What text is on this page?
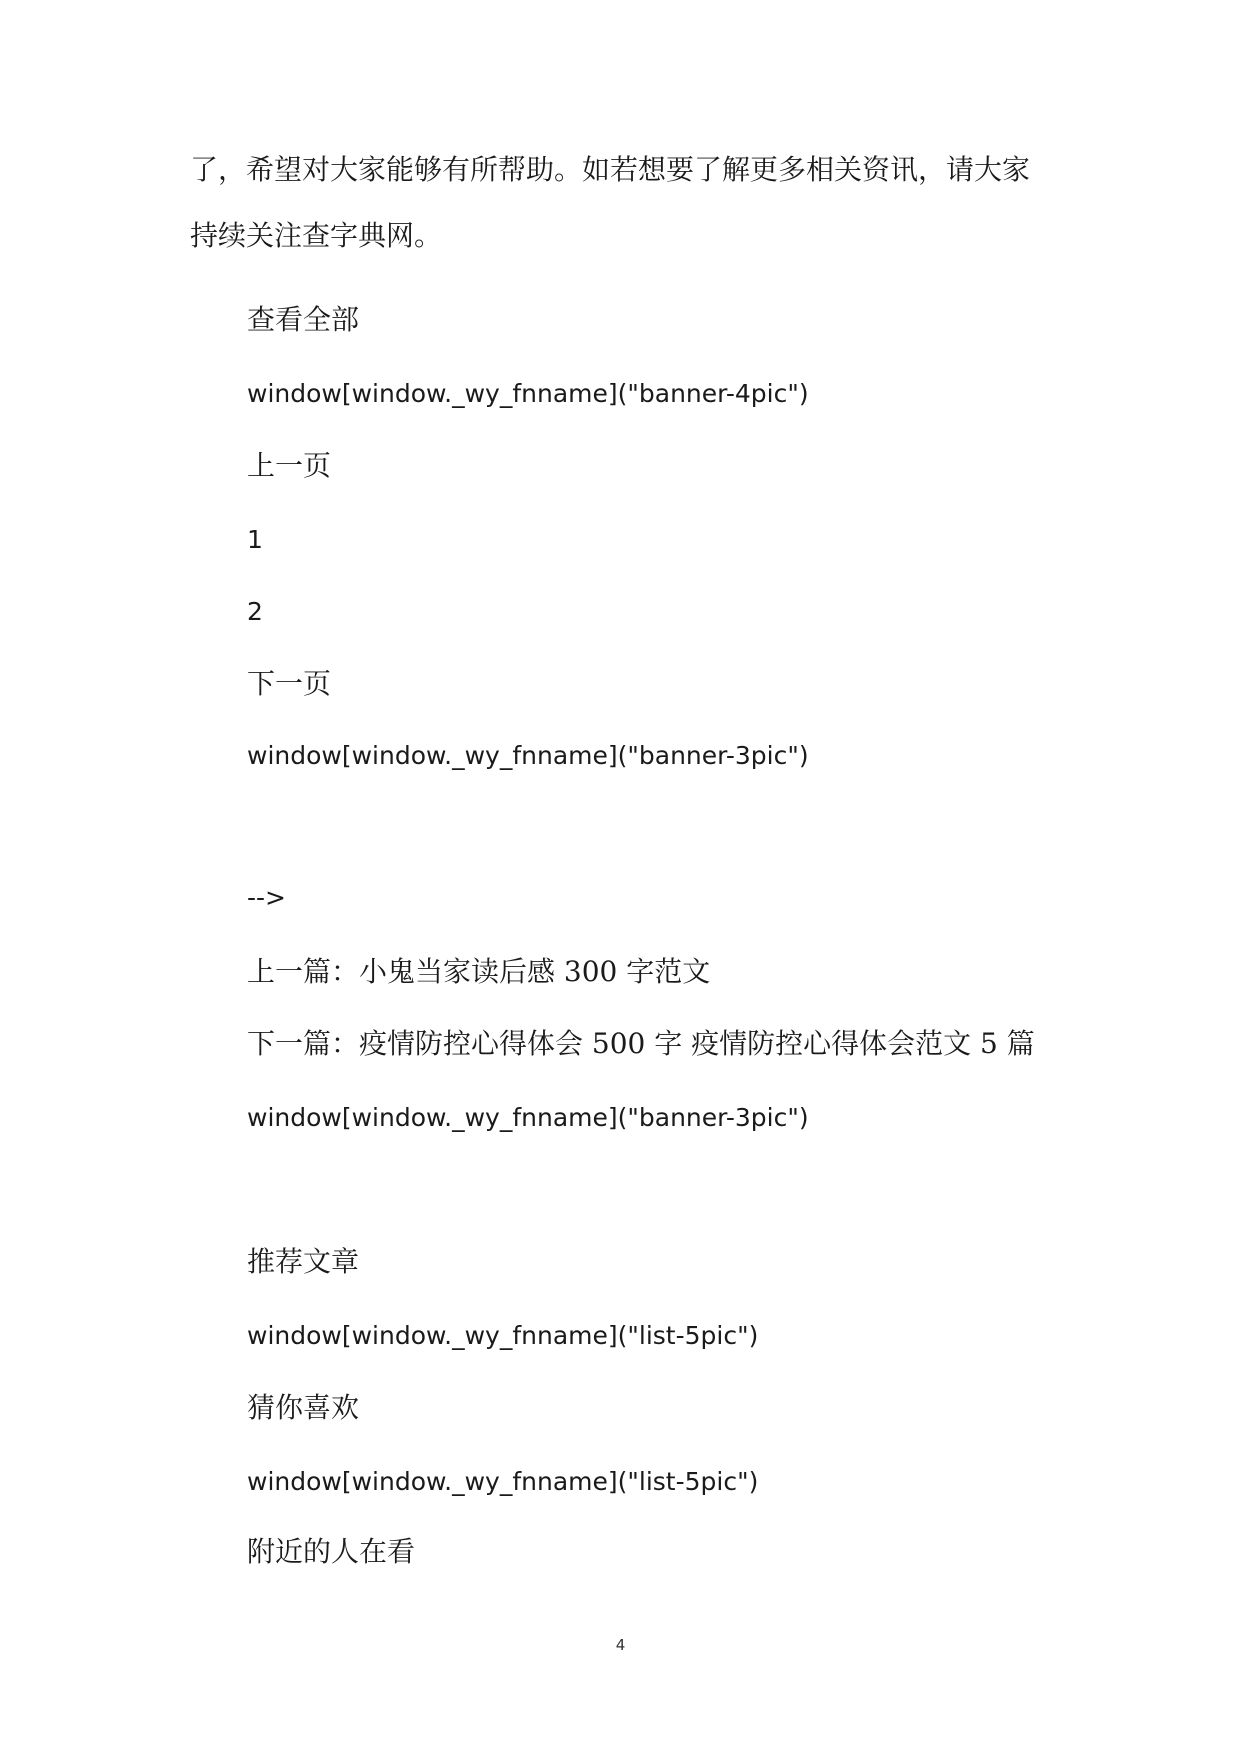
了，希望对大家能够有所帮助。如若想要了解更多相关资讯，请大家
持续关注查字典网。
查看全部
window[window._wy_fnname]("banner-4pic")
上一页
1
2
下一页
window[window._wy_fnname]("banner-3pic")
-->
上一篇：小鬼当家读后感 300 字范文
下一篇：疫情防控心得体会 500 字 疫情防控心得体会范文 5 篇
window[window._wy_fnname]("banner-3pic")
推荐文章
window[window._wy_fnname]("list-5pic")
猜你喜欢
window[window._wy_fnname]("list-5pic")
附近的人在看
4
